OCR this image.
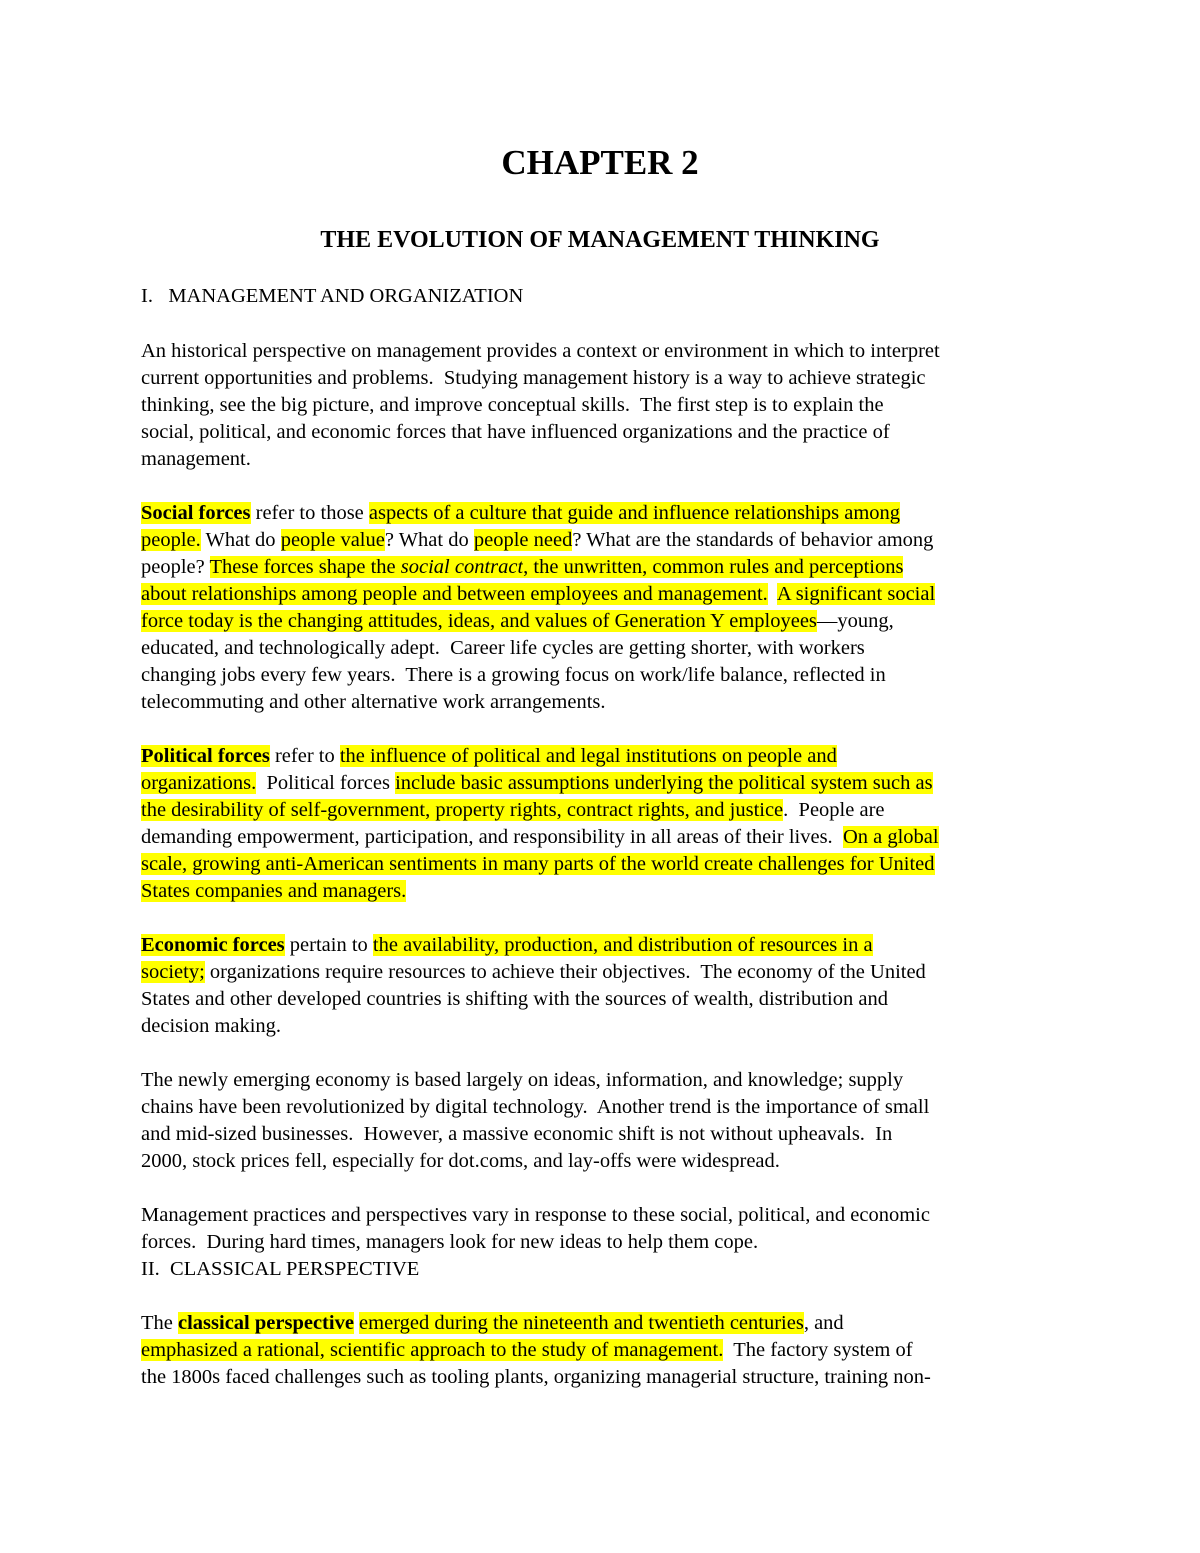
CHAPTER 2
THE EVOLUTION OF MANAGEMENT THINKING
I.   MANAGEMENT AND ORGANIZATION
An historical perspective on management provides a context or environment in which to interpret
current opportunities and problems.  Studying management history is a way to achieve strategic
thinking, see the big picture, and improve conceptual skills.  The first step is to explain the
social, political, and economic forces that have influenced organizations and the practice of
management.
Social forces refer to those aspects of a culture that guide and influence relationships among
people. What do people value? What do people need? What are the standards of behavior among
people? These forces shape the social contract, the unwritten, common rules and perceptions
about relationships among people and between employees and management. A significant social
force today is the changing attitudes, ideas, and values of Generation Y employees—young,
educated, and technologically adept.  Career life cycles are getting shorter, with workers
changing jobs every few years.  There is a growing focus on work/life balance, reflected in
telecommuting and other alternative work arrangements.
Political forces refer to the influence of political and legal institutions on people and
organizations.  Political forces include basic assumptions underlying the political system such as
the desirability of self-government, property rights, contract rights, and justice.  People are
demanding empowerment, participation, and responsibility in all areas of their lives.  On a global
scale, growing anti-American sentiments in many parts of the world create challenges for United
States companies and managers.
Economic forces pertain to the availability, production, and distribution of resources in a
society; organizations require resources to achieve their objectives.  The economy of the United
States and other developed countries is shifting with the sources of wealth, distribution and
decision making.
The newly emerging economy is based largely on ideas, information, and knowledge; supply
chains have been revolutionized by digital technology.  Another trend is the importance of small
and mid-sized businesses.  However, a massive economic shift is not without upheavals.  In
2000, stock prices fell, especially for dot.coms, and lay-offs were widespread.
Management practices and perspectives vary in response to these social, political, and economic
forces.  During hard times, managers look for new ideas to help them cope.
II.  CLASSICAL PERSPECTIVE
The classical perspective emerged during the nineteenth and twentieth centuries, and
emphasized a rational, scientific approach to the study of management.  The factory system of
the 1800s faced challenges such as tooling plants, organizing managerial structure, training non-
